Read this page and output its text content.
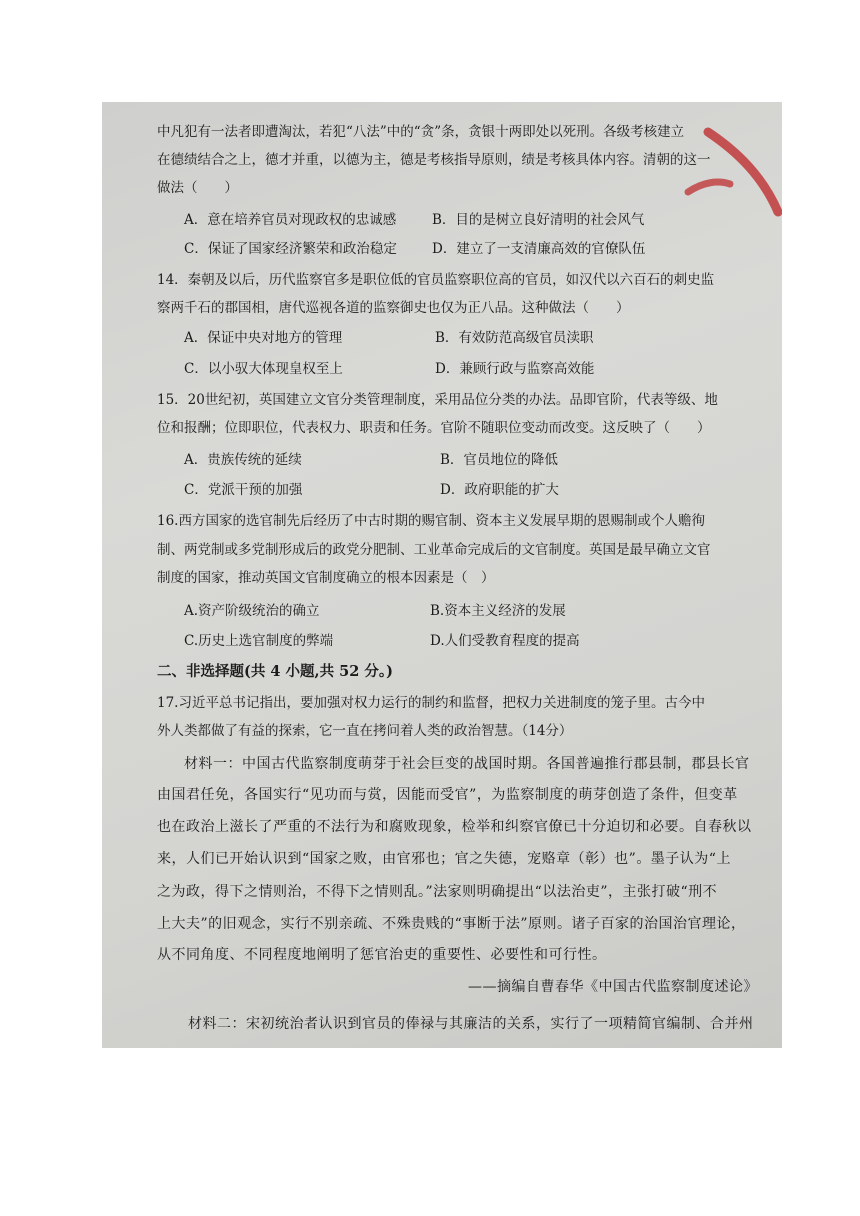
中凡犯有一法者即遭淘汰，若犯“八法”中的“贪”条，贪银十两即处以死刑。各级考核建立
在德绩结合之上，德才并重，以德为主，德是考核指导原则，绩是考核具体内容。清朝的这一
做法（　　）
A．意在培养官员对现政权的忠诚感	B．目的是树立良好清明的社会风气
C．保证了国家经济繁荣和政治稳定	D．建立了一支清廉高效的官僚队伍
14．秦朝及以后，历代监察官多是职位低的官员监察职位高的官员，如汉代以六百石的刺史监
察两千石的郡国相，唐代巡视各道的监察御史也仅为正八品。这种做法（　　）
A．保证中央对地方的管理	B．有效防范高级官员渎职
C．以小驭大体现皇权至上	D．兼顾行政与监察高效能
15．20世纪初，英国建立文官分类管理制度，采用品位分类的办法。品即官阶，代表等级、地
位和报酬；位即职位，代表权力、职责和任务。官阶不随职位变动而改变。这反映了（　　）
A．贵族传统的延续	B．官员地位的降低
C．党派干预的加强	D．政府职能的扩大
16.西方国家的选官制先后经历了中古时期的赐官制、资本主义发展早期的恩赐制或个人赡徇
制、两党制或多党制形成后的政党分肥制、工业革命完成后的文官制度。英国是最早确立文官
制度的国家，推动英国文官制度确立的根本因素是（　）
A.资产阶级统治的确立	B.资本主义经济的发展
C.历史上选官制度的弊端	D.人们受教育程度的提高
二、非选择题(共 4 小题,共 52 分。)
17.习近平总书记指出，要加强对权力运行的制约和监督，把权力关进制度的笼子里。古今中
外人类都做了有益的探索，它一直在拷问着人类的政治智慧。（14分）
材料一：中国古代监察制度萌芽于社会巨变的战国时期。各国普遍推行郡县制，郡县长官
由国君任免，各国实行“见功而与赏，因能而受官”，为监察制度的萌芽创造了条件，但变革
也在政治上滋长了严重的不法行为和腐败现象，检举和纠察官僚已十分迫切和必要。自春秋以
来，人们已开始认识到“国家之败，由官邪也；官之失德，宠赂章（彰）也”。墨子认为“上
之为政，得下之情则治，不得下之情则乱。”法家则明确提出“以法治吏”，主张打破“刑不
上大夫”的旧观念，实行不别亲疏、不殊贵贱的“事断于法”原则。诸子百家的治国治官理论，
从不同角度、不同程度地阐明了惩官治吏的重要性、必要性和可行性。
——摘编自曹春华《中国古代监察制度述论》
材料二：宋初统治者认识到官员的俸禄与其廉洁的关系，实行了一项精简官编制、合并州
